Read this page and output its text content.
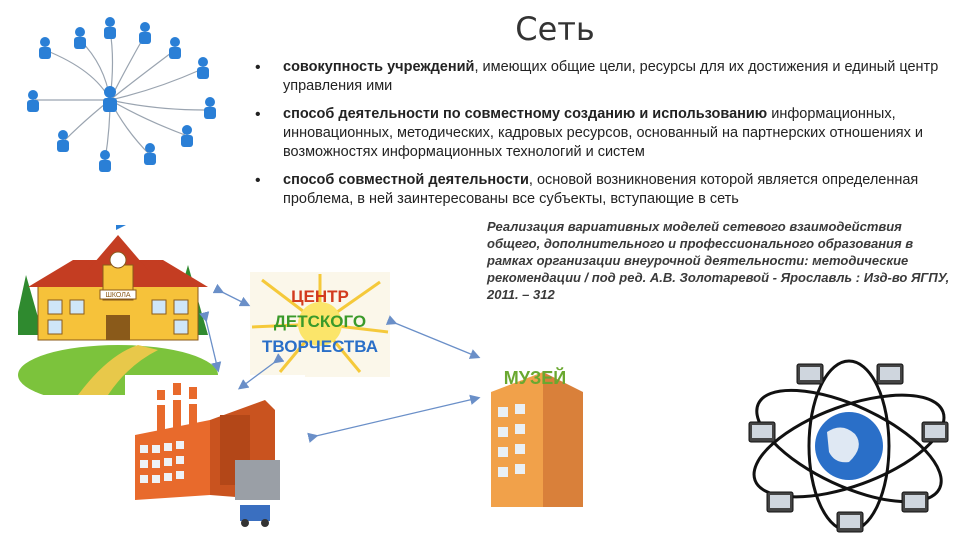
Сеть
• совокупность учреждений, имеющих общие цели, ресурсы для их достижения и единый центр управления ими
• способ деятельности по совместному созданию и использованию информационных, инновационных, методических, кадровых ресурсов, основанный на партнерских отношениях и возможностях информационных технологий и систем
• способ совместной деятельности, основой возникновения которой является определенная проблема, в ней заинтересованы все субъекты, вступающие в сеть
Реализация вариативных моделей сетевого взаимодействия общего, дополнительного и профессионального образования в рамках организации внеурочной деятельности: методические рекомендации / под ред. А.В. Золотаревой - Ярославль : Изд-во ЯГПУ, 2011. – 312
ШКОЛА	ЦЕНТР
ДЕТСКОГО
ТВОРЧЕСТВА
МУЗЕЙ
